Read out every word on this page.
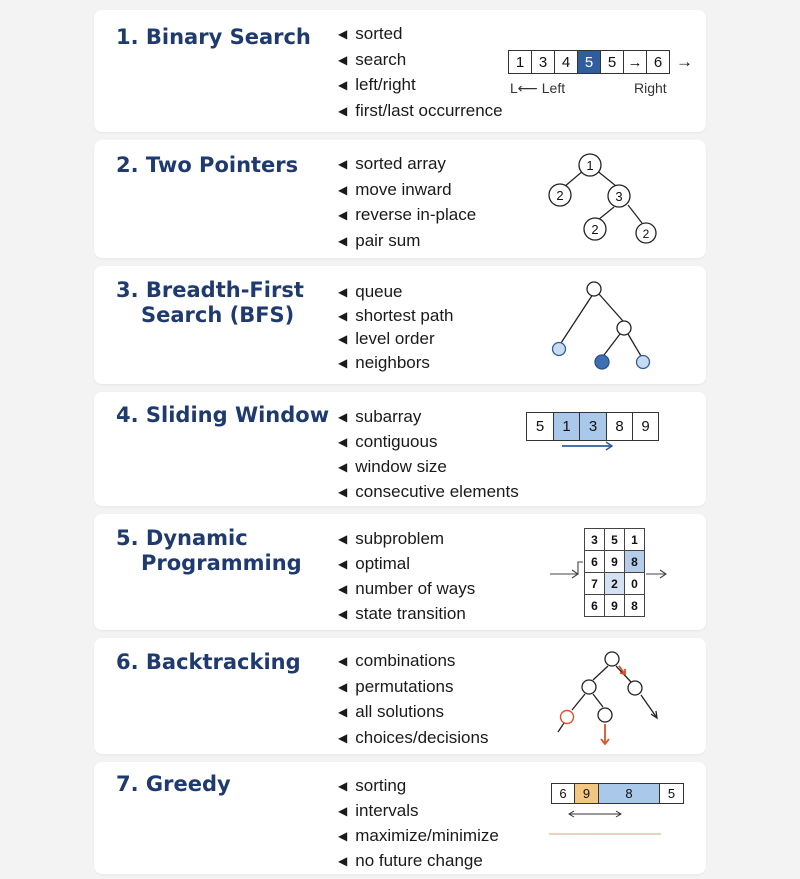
1. Binary Search	◀ sorted
◀ search
◀ left/right
◀ first/last occurrence
1 3 4 5 5 → 6 →
L⟵ Left	Right
2. Two Pointers	◀ sorted array
◀ move inward
◀ reverse in-place
◀ pair sum
1
2	3
2	2
3. Breadth-First
Search (BFS)
◀ queue
◀ shortest path
◀ level order
◀ neighbors
4. Sliding Window	◀ subarray
◀ contiguous
◀ window size
◀ consecutive elements
5	1	3	8	9
5. Dynamic
Programming
◀ subproblem
◀ optimal
◀ number of ways
◀ state transition
3	5	1
6	9	8
7	2	0
6	9	8
6. Backtracking	◀ combinations
◀ permutations
◀ all solutions
◀ choices/decisions
7. Greedy	◀ sorting
◀ intervals
◀ maximize/minimize
◀ no future change
6	9	8	5
